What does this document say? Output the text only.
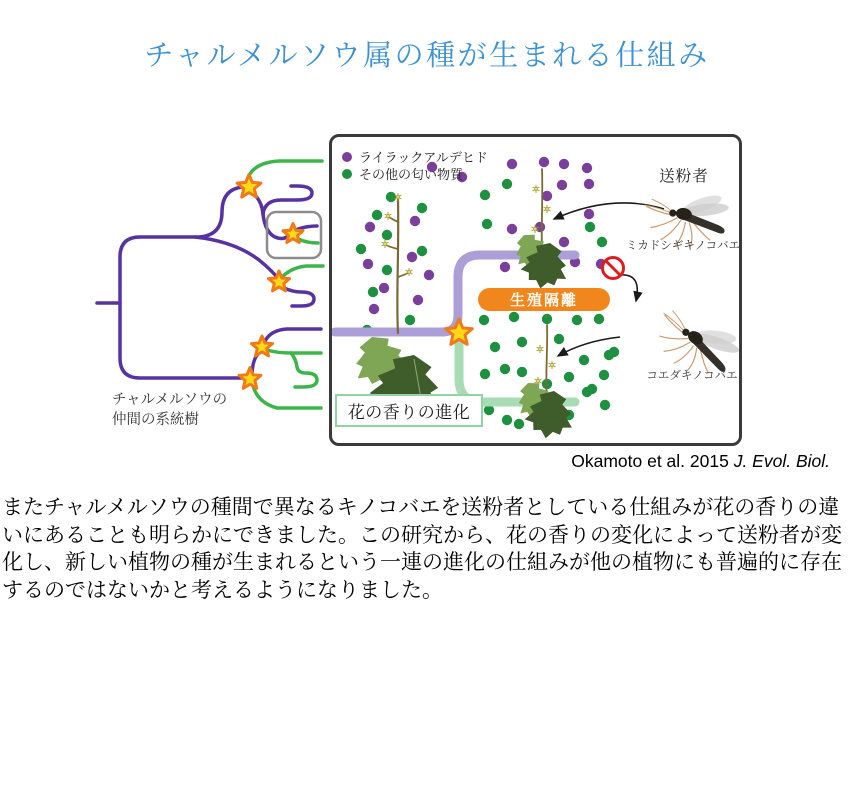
チャルメルソウ属の種が生まれる仕組み
チャルメルソウの
仲間の系統樹
ライラックアルデヒド
その他の匂い物質	送粉者
ミカドシギキノコバエ
コエダキノコバエ
生殖隔離
花の香りの進化
Okamoto et al. 2015 J. Evol. Biol.
またチャルメルソウの種間で異なるキノコバエを送粉者としている仕組みが花の香りの違いにあることも明らかにできました。この研究から、花の香りの変化によって送粉者が変化し、新しい植物の種が生まれるという一連の進化の仕組みが他の植物にも普遍的に存在するのではないかと考えるようになりました。
